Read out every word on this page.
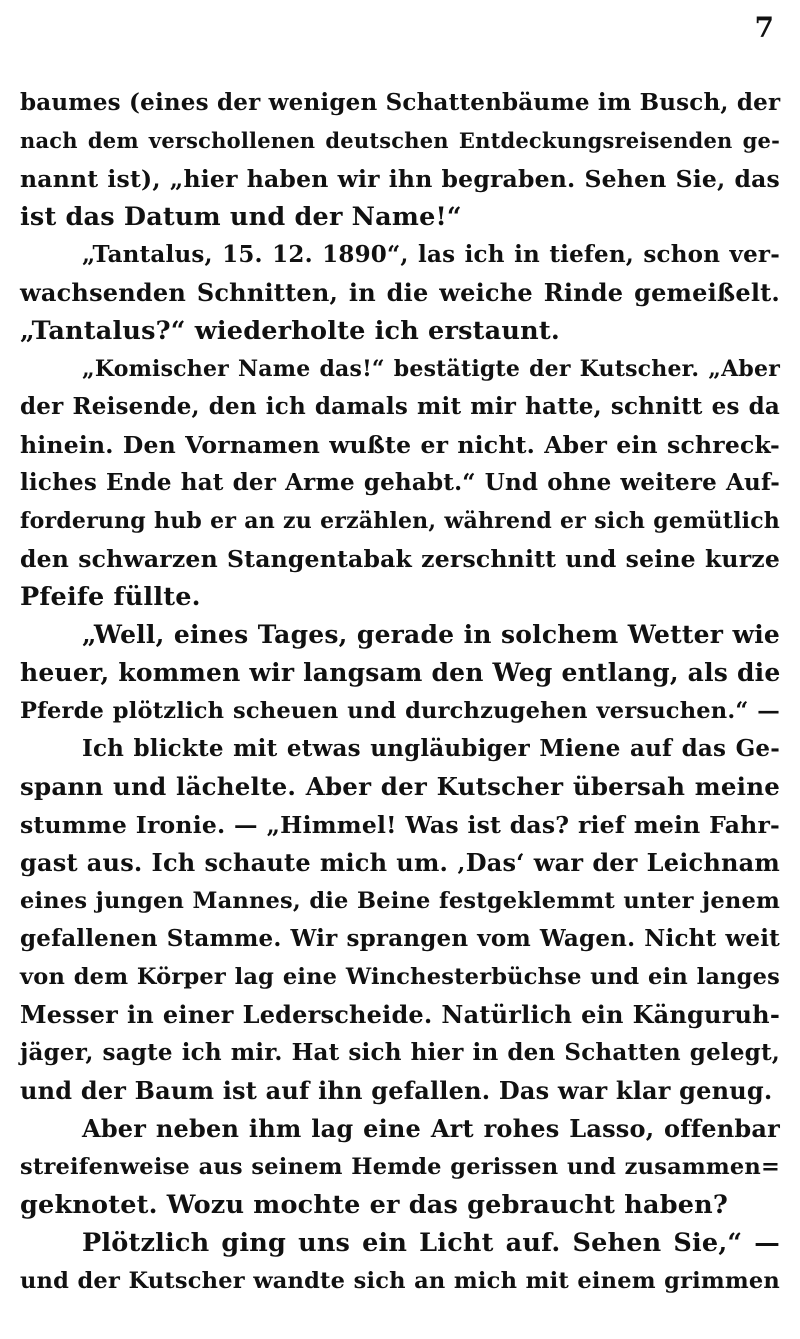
7
baumes (eines der wenigen Schattenbäume im Busch, der
nach dem verschollenen deutschen Entdeckungsreisenden ge-
nannt ist), „hier haben wir ihn begraben. Sehen Sie, das
ist das Datum und der Name!“
„Tantalus, 15. 12. 1890“, las ich in tiefen, schon ver-
wachsenden Schnitten, in die weiche Rinde gemeißelt.
„Tantalus?“ wiederholte ich erstaunt.
„Komischer Name das!“ bestätigte der Kutscher. „Aber
der Reisende, den ich damals mit mir hatte, schnitt es da
hinein. Den Vornamen wußte er nicht. Aber ein schreck-
liches Ende hat der Arme gehabt.“ Und ohne weitere Auf-
forderung hub er an zu erzählen, während er sich gemütlich
den schwarzen Stangentabak zerschnitt und seine kurze
Pfeife füllte.
„Well, eines Tages, gerade in solchem Wetter wie
heuer, kommen wir langsam den Weg entlang, als die
Pferde plötzlich scheuen und durchzugehen versuchen.“ —
Ich blickte mit etwas ungläubiger Miene auf das Ge-
spann und lächelte. Aber der Kutscher übersah meine
stumme Ironie. — „Himmel! Was ist das? rief mein Fahr-
gast aus. Ich schaute mich um. ‚Das‘ war der Leichnam
eines jungen Mannes, die Beine festgeklemmt unter jenem
gefallenen Stamme. Wir sprangen vom Wagen. Nicht weit
von dem Körper lag eine Winchesterbüchse und ein langes
Messer in einer Lederscheide. Natürlich ein Känguruh-
jäger, sagte ich mir. Hat sich hier in den Schatten gelegt,
und der Baum ist auf ihn gefallen. Das war klar genug.
Aber neben ihm lag eine Art rohes Lasso, offenbar
streifenweise aus seinem Hemde gerissen und zusammen=
geknotet. Wozu mochte er das gebraucht haben?
Plötzlich ging uns ein Licht auf. Sehen Sie,“ —
und der Kutscher wandte sich an mich mit einem grimmen
